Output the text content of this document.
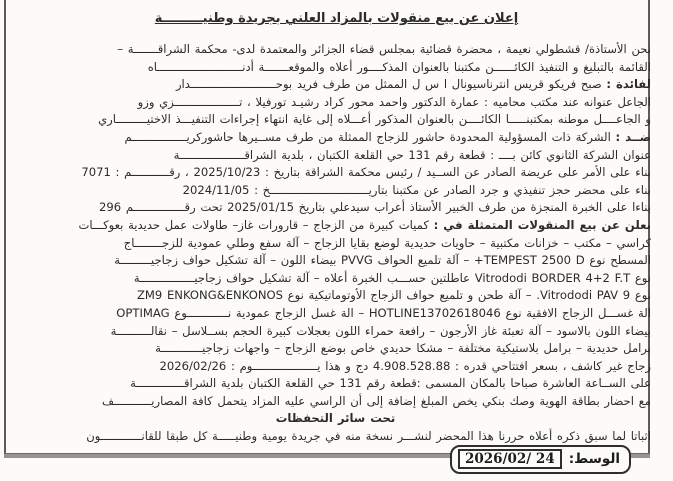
إعلان عن بيع منقولات بالمزاد العلني بجريدة وطنيـــــــــة
نحن الأستاذة/ قشطولي نعيمة ، محضرة قضائية بمجلس قضاء الجزائر والمعتمدة لدى- محكمة الشراقـــــــة –
القائمة بالتبليغ و التنفيذ الكائــــــن مكتبنا بالعنوان المذكــــور أعلاه والموقعـــــــة أدنـــــــــــــــــــــــــاه
لفائدة : صبح فريكو قريس انترناسيونال ا س ل الممثل من طرف فريد بوحـــــــــــــــــــــــــدار
الجاعل عنوانه عند مكتب محاميه : عمارة الدكتور واحمد محور كراد رشيـد تورفيلا ، تـــــــــــــــــــزي وزو
و الجاعــــل موطنه بمكتبنـــــا الكائــــن بالعنوان المذكور أعـــلاه إلى غاية انتهاء إجراءات التنفيـــذ الاختيـــــــــاري
ضــد : الشركة ذات المسؤولية المحدودة حاشور للزجاج الممثلة من طرف مســيرها حاشوركريــــــــــــــــم
عنوان الشركة الثانوي كائن بــــ : قطعة رقم 131 حي القلعة الكتبان ، بلدية الشراقـــــــــــــــــــة
بناء على الأمر على عريضة الصادر عن الســيد / رئيس محكمة الشراقة بتاريخ : 2025/10/23 ، رقـــــــــــم : 7071
بناء على محضر حجز تنفيذي و جرد الصادر عن مكتبنا بتاريـــــــــــــــــــــــــــــخ : 2024/11/05
بناءا على الخبرة المنجزة من طرف الخبير الأستاذ أعراب سيدعلي بتاريخ 2025/01/15 تحت رقـــــــــــــــم 296
نعلن عن بيع المنقولات المتمثلة في : كميات كبيرة من الزجاج – قارورات غاز– طاولات عمل حديدية بعوكـــات
كراسي – مكتب – خزانات مكتبية – حاويات حديدية لوضع بقايا الزجاج – آلة سفع وطلي عمودية للزجــــــــاج
المسطح نوع TEMPEST 2500 D+ – آلة تلميع الحواف PVVG بيضاء اللون – آلة تشكيل حواف زجاجيـــــــــة
نوع Vitrododi BORDER 4+2 F.T عاطلتين حســـب الخبرة أعلاه – آلة تشكيل حواف زجاجيــــــــــــــــة
نوع Vitrododi PAV 9. – آلة طحن و تلميع حواف الزجاج الأوتوماتيكية نوع ZM9 ENKONG&ENKONOS
الة غســـل الزجاج الافقية نوع HOTLINE13702618046 – الة غسل الزجاج عمودية نــــــــــــوع OPTIMAG
بيضاء اللون بالاسود – آلة تعبئة غاز الأرجون – رافعة حمراء اللون بعجلات كبيرة الحجم بســلاسل – نقالــــــــــة
برامل حديدية – برامل بلاستيكية مختلفة – مشكا حديدي خاص بوضع الزجاج – واجهات زجاجيــــــــــــة
زجاج غير كاشف ، بسعر افتتاحي قدره : 4.908.528.88 دج و هذا يـــــــــــــــــــوم : 2026/02/26
على الســاعة العاشرة صباحا بالمكان المسمى :قطعة رقم 131 حي القلعة الكتبان بلدية الشراقــــــــــــــة
مع احضار بطاقة الهوية وصك بنكي يخص المبلغ إضافة إلى أن الراسي عليه المزاد يتحمل كافة المصاريـــــــــــف
تحت سائر التحفظات
اثباتا لما سبق ذكره أعلاه حررنا هذا المحضر لنشـــر نسخة منه في جريدة يومية وطنيـــــة كل طبقا للقانــــــــــــون
الوسط:
2026/02/ 24
